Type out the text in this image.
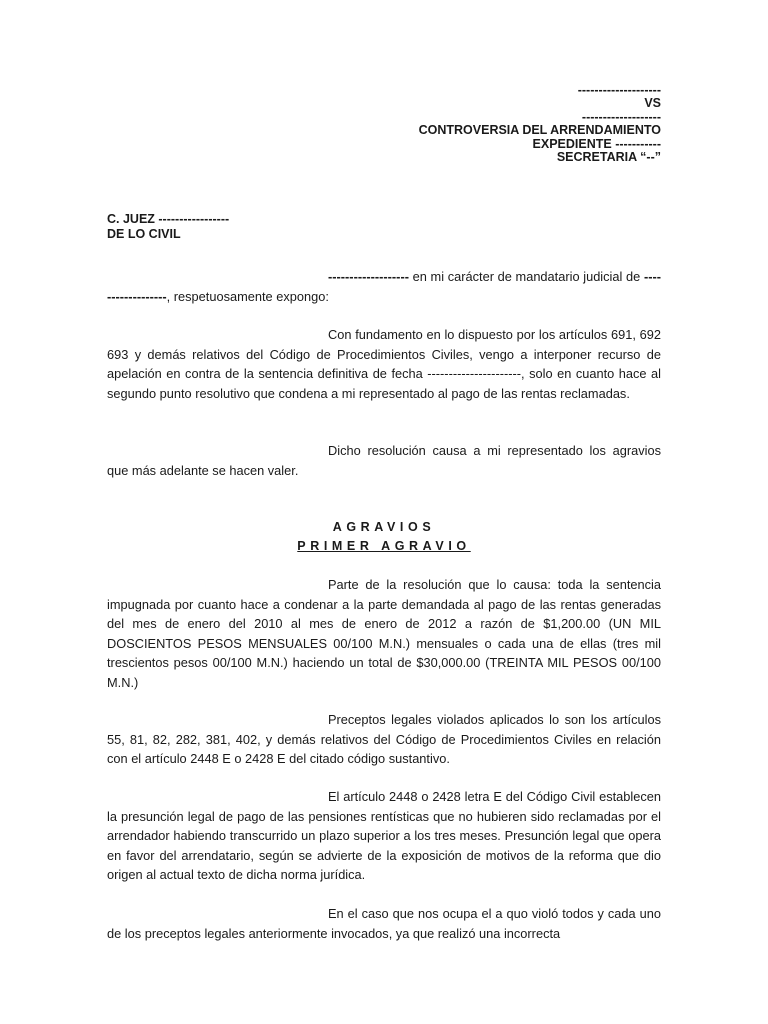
--------------------
VS
-------------------
CONTROVERSIA DEL ARRENDAMIENTO
EXPEDIENTE -----------
SECRETARIA “--”
C. JUEZ -----------------
DE LO CIVIL

------------------- en mi carácter de mandatario judicial de ------------------, respetuosamente expongo:

Con fundamento en lo dispuesto por los artículos 691, 692 693 y demás relativos del Código de Procedimientos Civiles, vengo a interponer recurso de apelación en contra de la sentencia definitiva de fecha ----------------------, solo en cuanto hace al segundo punto resolutivo que condena a mi representado al pago de las rentas reclamadas.

Dicho resolución causa a mi representado los agravios que más adelante se hacen valer.

AGRAVIOS
PRIMER AGRAVIO

Parte de la resolución que lo causa: toda la sentencia impugnada por cuanto hace a condenar a la parte demandada al pago de las rentas generadas del mes de enero del 2010 al mes de enero de 2012 a razón de $1,200.00 (UN MIL DOSCIENTOS PESOS MENSUALES 00/100 M.N.) mensuales o cada una de ellas (tres mil trescientos pesos 00/100 M.N.) haciendo un total de $30,000.00 (TREINTA MIL PESOS 00/100 M.N.)

Preceptos legales violados aplicados lo son los artículos 55, 81, 82, 282, 381, 402, y demás relativos del Código de Procedimientos Civiles en relación con el artículo 2448 E o 2428 E del citado código sustantivo.

El artículo 2448 o 2428 letra E del Código Civil establecen la presunción legal de pago de las pensiones rentísticas que no hubieren sido reclamadas por el arrendador habiendo transcurrido un plazo superior a los tres meses. Presunción legal que opera en favor del arrendatario, según se advierte de la exposición de motivos de la reforma que dio origen al actual texto de dicha norma jurídica.

En el caso que nos ocupa el a quo violó todos y cada uno de los preceptos legales anteriormente invocados, ya que realizó una incorrecta
